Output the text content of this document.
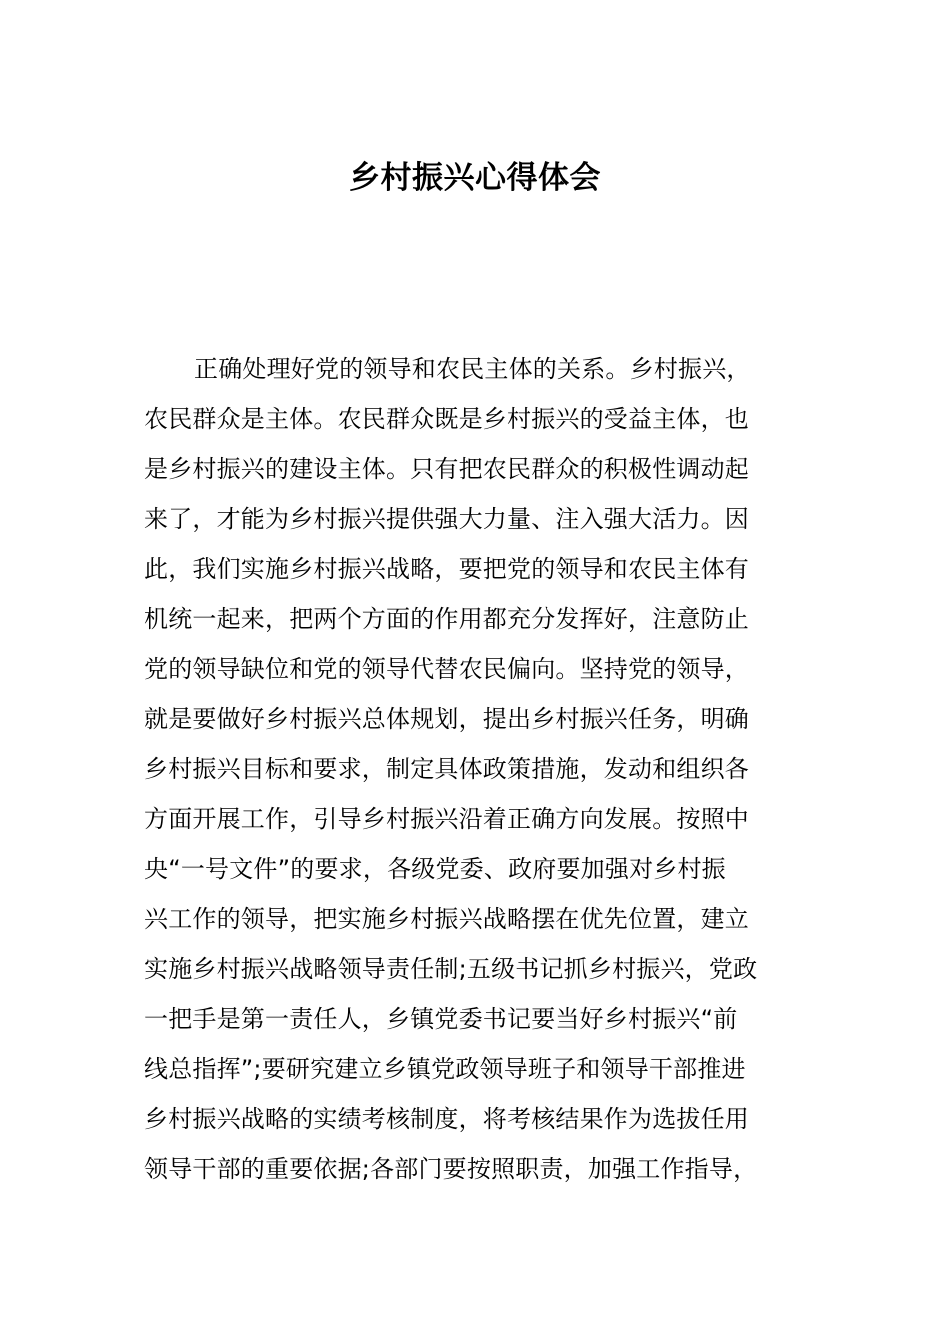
乡村振兴心得体会
正确处理好党的领导和农民主体的关系。乡村振兴，
农民群众是主体。农民群众既是乡村振兴的受益主体，也
是乡村振兴的建设主体。只有把农民群众的积极性调动起
来了，才能为乡村振兴提供强大力量、注入强大活力。因
此，我们实施乡村振兴战略，要把党的领导和农民主体有
机统一起来，把两个方面的作用都充分发挥好，注意防止
党的领导缺位和党的领导代替农民偏向。坚持党的领导，
就是要做好乡村振兴总体规划，提出乡村振兴任务，明确
乡村振兴目标和要求，制定具体政策措施，发动和组织各
方面开展工作，引导乡村振兴沿着正确方向发展。按照中
央“一号文件”的要求，各级党委、政府要加强对乡村振
兴工作的领导，把实施乡村振兴战略摆在优先位置，建立
实施乡村振兴战略领导责任制;五级书记抓乡村振兴，党政
一把手是第一责任人，乡镇党委书记要当好乡村振兴“前
线总指挥”;要研究建立乡镇党政领导班子和领导干部推进
乡村振兴战略的实绩考核制度，将考核结果作为选拔任用
领导干部的重要依据;各部门要按照职责，加强工作指导，
